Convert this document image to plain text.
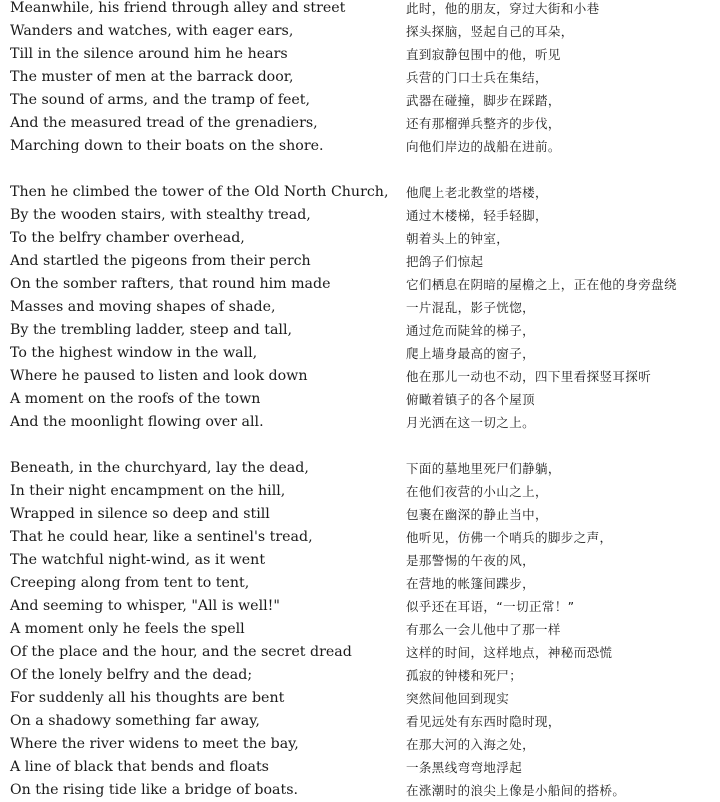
Meanwhile, his friend through alley and street
Wanders and watches, with eager ears,
Till in the silence around him he hears
The muster of men at the barrack door,
The sound of arms, and the tramp of feet,
And the measured tread of the grenadiers,
Marching down to their boats on the shore.
Then he climbed the tower of the Old North Church,
By the wooden stairs, with stealthy tread,
To the belfry chamber overhead,
And startled the pigeons from their perch
On the somber rafters, that round him made
Masses and moving shapes of shade,
By the trembling ladder, steep and tall,
To the highest window in the wall,
Where he paused to listen and look down
A moment on the roofs of the town
And the moonlight flowing over all.
Beneath, in the churchyard, lay the dead,
In their night encampment on the hill,
Wrapped in silence so deep and still
That he could hear, like a sentinel's tread,
The watchful night-wind, as it went
Creeping along from tent to tent,
And seeming to whisper, "All is well!"
A moment only he feels the spell
Of the place and the hour, and the secret dread
Of the lonely belfry and the dead;
For suddenly all his thoughts are bent
On a shadowy something far away,
Where the river widens to meet the bay,
A line of black that bends and floats
On the rising tide like a bridge of boats.
此时，他的朋友，穿过大街和小巷
探头探脑，竖起自己的耳朵，
直到寂静包围中的他，听见
兵营的门口士兵在集结，
武器在碰撞，脚步在踩踏，
还有那榴弹兵整齐的步伐，
向他们岸边的战船在进前。
他爬上老北教堂的塔楼，
通过木楼梯，轻手轻脚，
朝着头上的钟室，
把鸽子们惊起
它们栖息在阴暗的屋檐之上，正在他的身旁盘绕
一片混乱，影子恍惚，
通过危而陡耸的梯子，
爬上墙身最高的窗子，
他在那儿一动也不动，四下里看探竖耳探听
俯瞰着镇子的各个屋顶
月光洒在这一切之上。
下面的墓地里死尸们静躺，
在他们夜营的小山之上，
包裹在幽深的静止当中，
他听见，仿佛一个哨兵的脚步之声，
是那警惕的午夜的风，
在营地的帐篷间蹀步，
似乎还在耳语，“一切正常！”
有那么一会儿他中了那一样
这样的时间，这样地点，神秘而恐慌
孤寂的钟楼和死尸；
突然间他回到现实
看见远处有东西时隐时现，
在那大河的入海之处，
一条黑线弯弯地浮起
在涨潮时的浪尖上像是小船间的搭桥。
